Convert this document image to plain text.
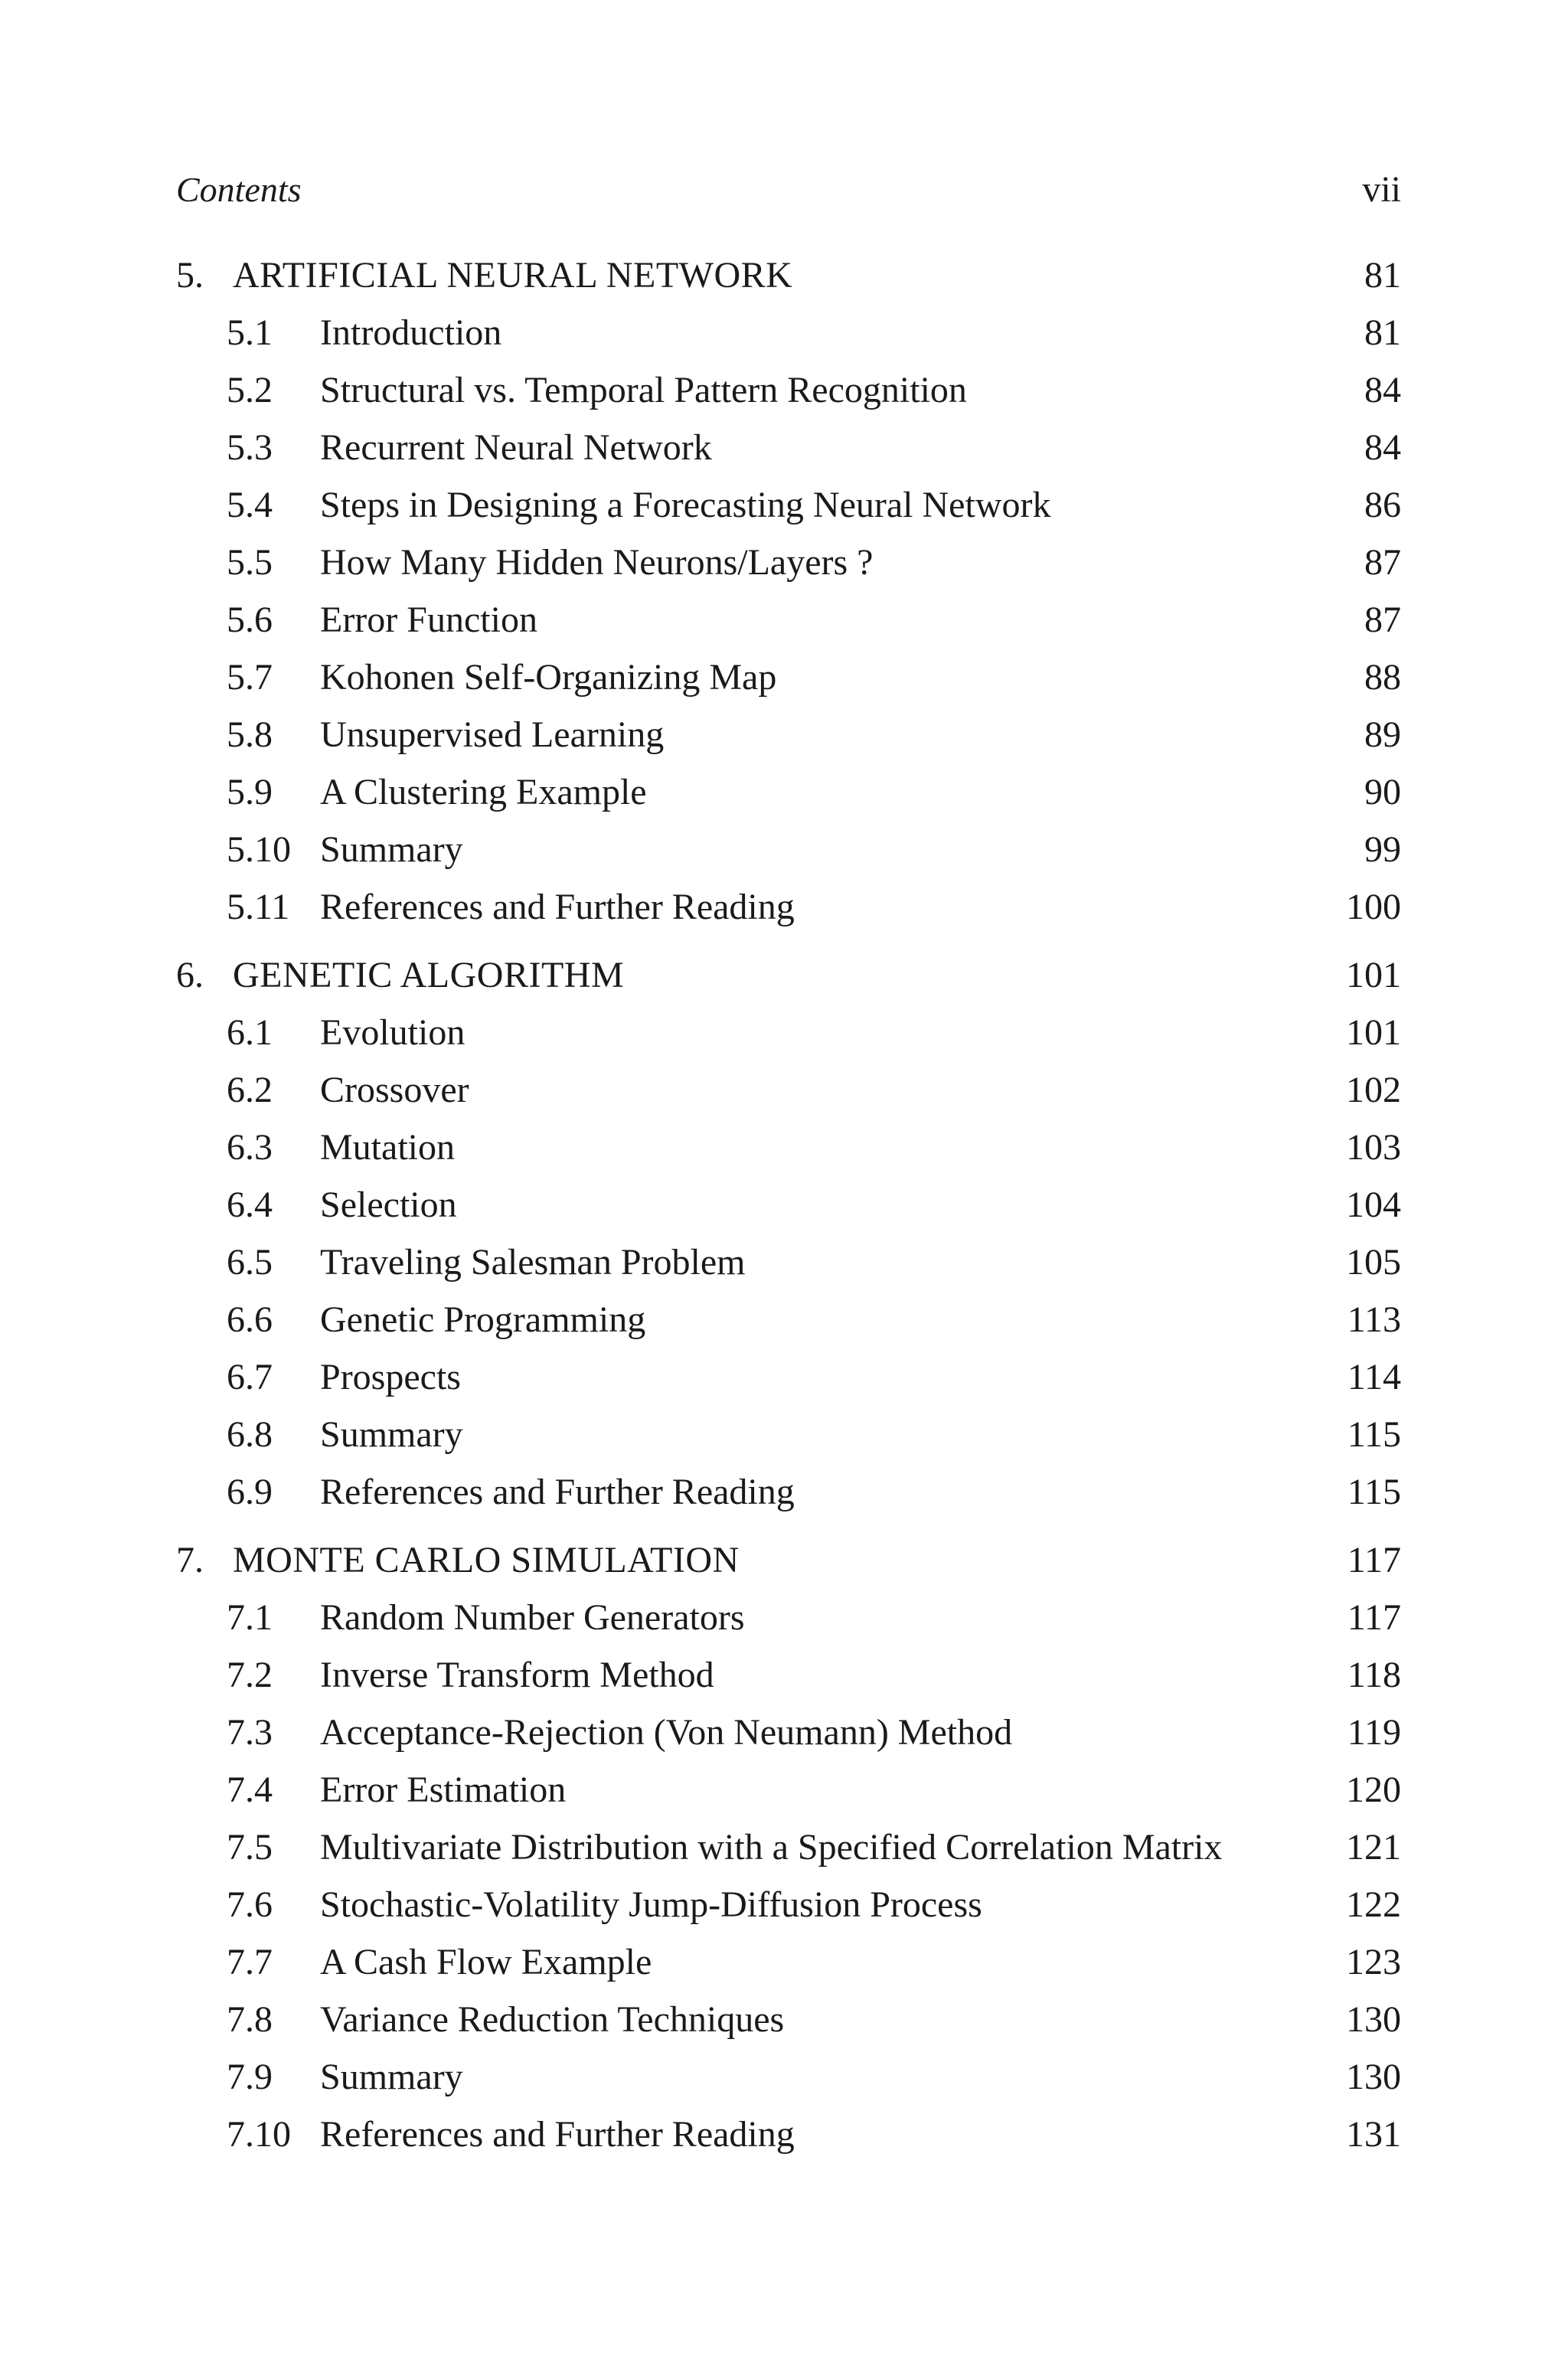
Contents	vii
5. ARTIFICIAL NEURAL NETWORK	81
5.1 Introduction	81
5.2 Structural vs. Temporal Pattern Recognition	84
5.3 Recurrent Neural Network	84
5.4 Steps in Designing a Forecasting Neural Network	86
5.5 How Many Hidden Neurons/Layers ?	87
5.6 Error Function	87
5.7 Kohonen Self-Organizing Map	88
5.8 Unsupervised Learning	89
5.9 A Clustering Example	90
5.10 Summary	99
5.11 References and Further Reading	100
6. GENETIC ALGORITHM	101
6.1 Evolution	101
6.2 Crossover	102
6.3 Mutation	103
6.4 Selection	104
6.5 Traveling Salesman Problem	105
6.6 Genetic Programming	113
6.7 Prospects	114
6.8 Summary	115
6.9 References and Further Reading	115
7. MONTE CARLO SIMULATION	117
7.1 Random Number Generators	117
7.2 Inverse Transform Method	118
7.3 Acceptance-Rejection (Von Neumann) Method	119
7.4 Error Estimation	120
7.5 Multivariate Distribution with a Specified Correlation Matrix	121
7.6 Stochastic-Volatility Jump-Diffusion Process	122
7.7 A Cash Flow Example	123
7.8 Variance Reduction Techniques	130
7.9 Summary	130
7.10 References and Further Reading	131
